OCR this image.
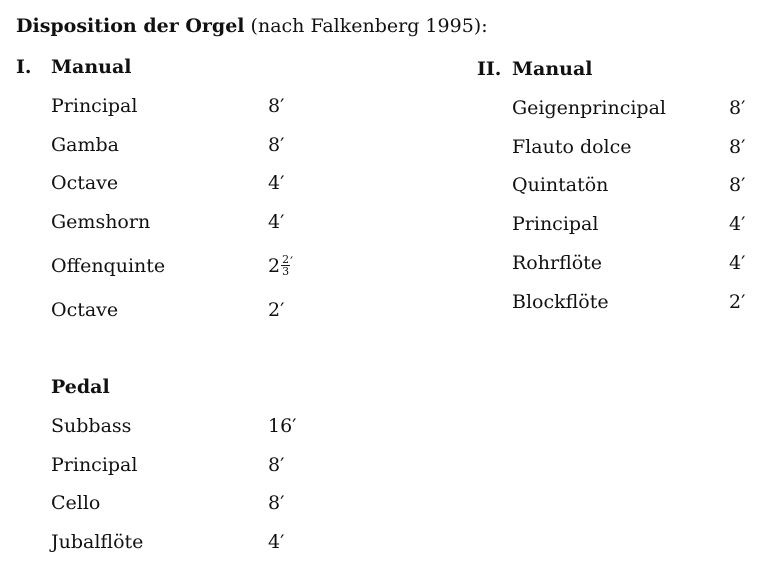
Disposition der Orgel (nach Falkenberg 1995):
I. Manual
Principal	8′
Gamba	8′
Octave	4′
Gemshorn	4′
Offenquinte	$2 \frac{2}{3} '$
Octave	2′
II. Manual
Geigenprincipal	8′
Flauto dolce	8′
Quintatön	8′
Principal	4′
Rohrflöte	4′
Blockflöte	2′
Pedal
Subbass	16′
Principal	8′
Cello	8′
Jubalflöte	4′
